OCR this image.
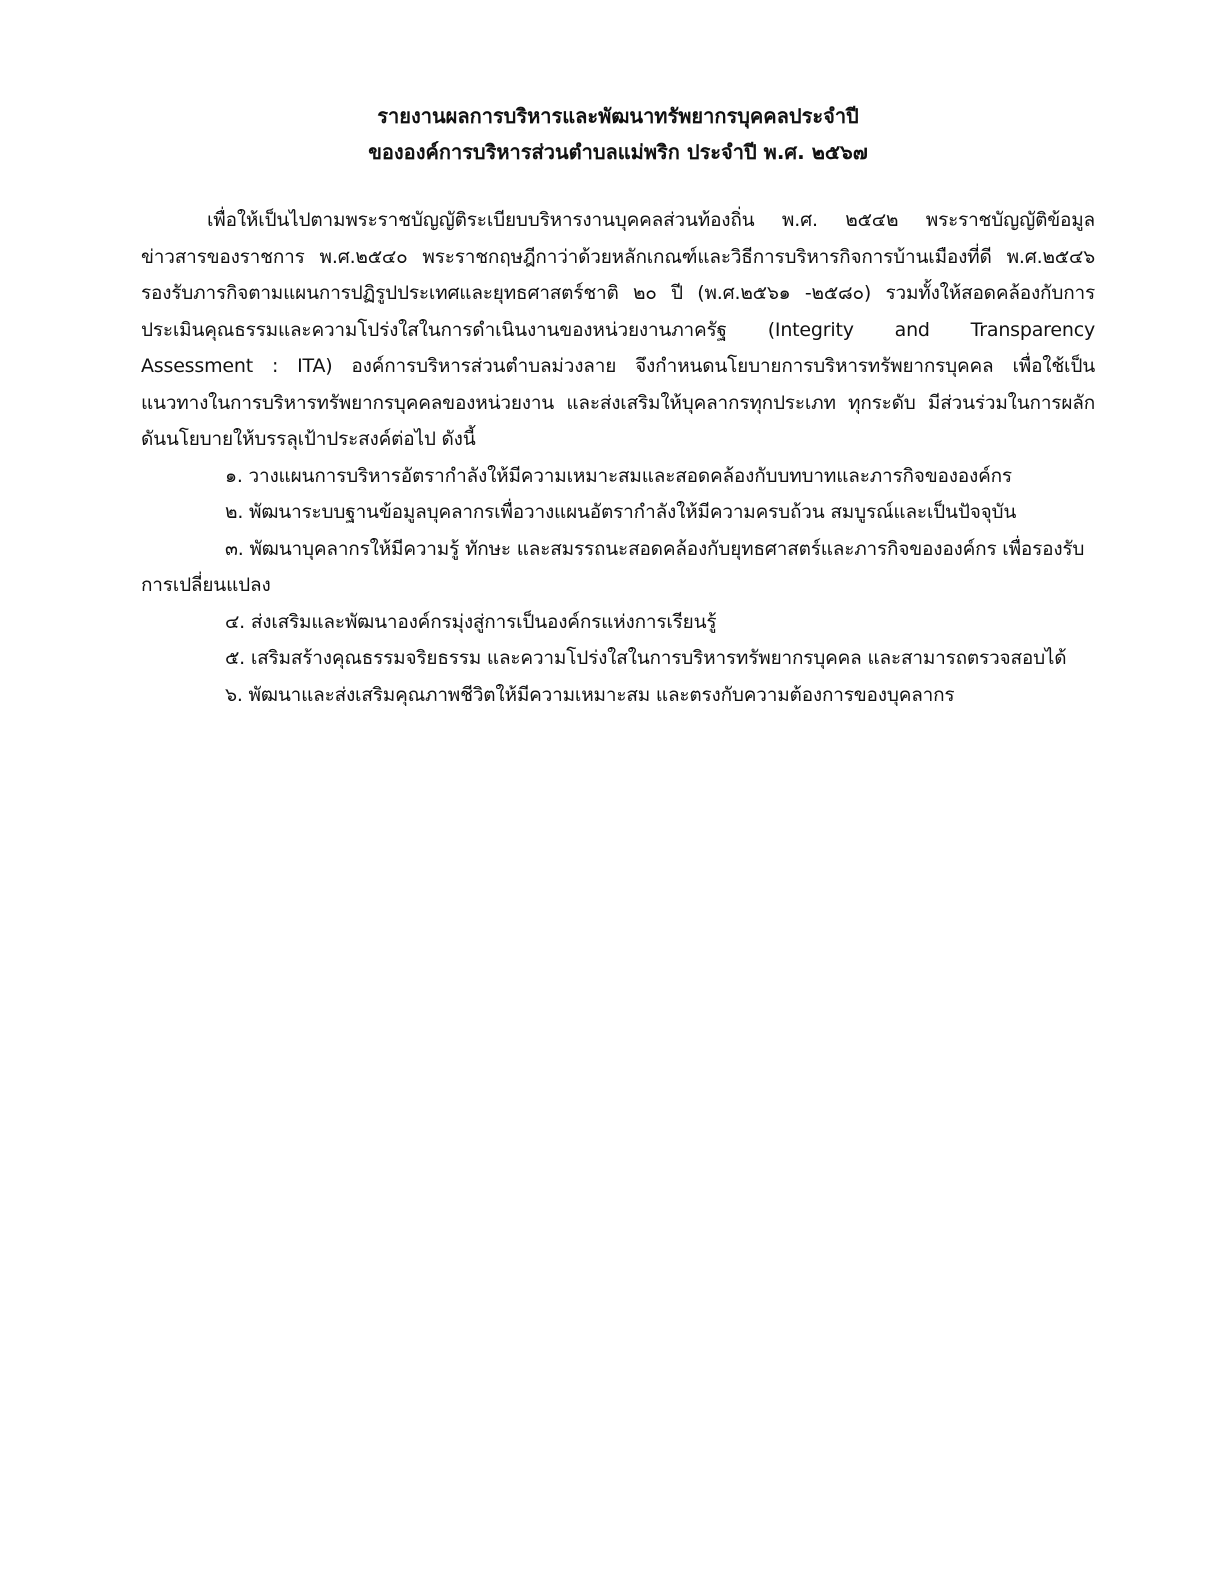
รายงานผลการบริหารและพัฒนาทรัพยากรบุคคลประจำปี

ขององค์การบริหารส่วนตำบลแม่พริก ประจำปี พ.ศ. ๒๕๖๗

เพื่อให้เป็นไปตามพระราชบัญญัติระเบียบบริหารงานบุคคลส่วนท้องถิ่น พ.ศ. ๒๕๔๒ พระราชบัญญัติข้อมูลข่าวสารของราชการ พ.ศ.๒๕๔๐ พระราชกฤษฎีกาว่าด้วยหลักเกณฑ์และวิธีการบริหารกิจการบ้านเมืองที่ดี พ.ศ.๒๕๔๖ รองรับภารกิจตามแผนการปฏิรูปประเทศและยุทธศาสตร์ชาติ ๒๐ ปี (พ.ศ.๒๕๖๑ -๒๕๘๐) รวมทั้งให้สอดคล้องกับการประเมินคุณธรรมและความโปร่งใสในการดำเนินงานของหน่วยงานภาครัฐ (Integrity and Transparency Assessment : ITA) องค์การบริหารส่วนตำบลม่วงลาย จึงกำหนดนโยบายการบริหารทรัพยากรบุคคล เพื่อใช้เป็นแนวทางในการบริหารทรัพยากรบุคคลของหน่วยงาน และส่งเสริมให้บุคลากรทุกประเภท ทุกระดับ มีส่วนร่วมในการผลักดันนโยบายให้บรรลุเป้าประสงค์ต่อไป ดังนี้

๑. วางแผนการบริหารอัตรากำลังให้มีความเหมาะสมและสอดคล้องกับบทบาทและภารกิจขององค์กร
๒. พัฒนาระบบฐานข้อมูลบุคลากรเพื่อวางแผนอัตรากำลังให้มีความครบถ้วน สมบูรณ์และเป็นปัจจุบัน
๓. พัฒนาบุคลากรให้มีความรู้ ทักษะ และสมรรถนะสอดคล้องกับยุทธศาสตร์และภารกิจขององค์กร เพื่อรองรับการเปลี่ยนแปลง
๔. ส่งเสริมและพัฒนาองค์กรมุ่งสู่การเป็นองค์กรแห่งการเรียนรู้
๕. เสริมสร้างคุณธรรมจริยธรรม และความโปร่งใสในการบริหารทรัพยากรบุคคล และสามารถตรวจสอบได้
๖. พัฒนาและส่งเสริมคุณภาพชีวิตให้มีความเหมาะสม และตรงกับความต้องการของบุคลากร
